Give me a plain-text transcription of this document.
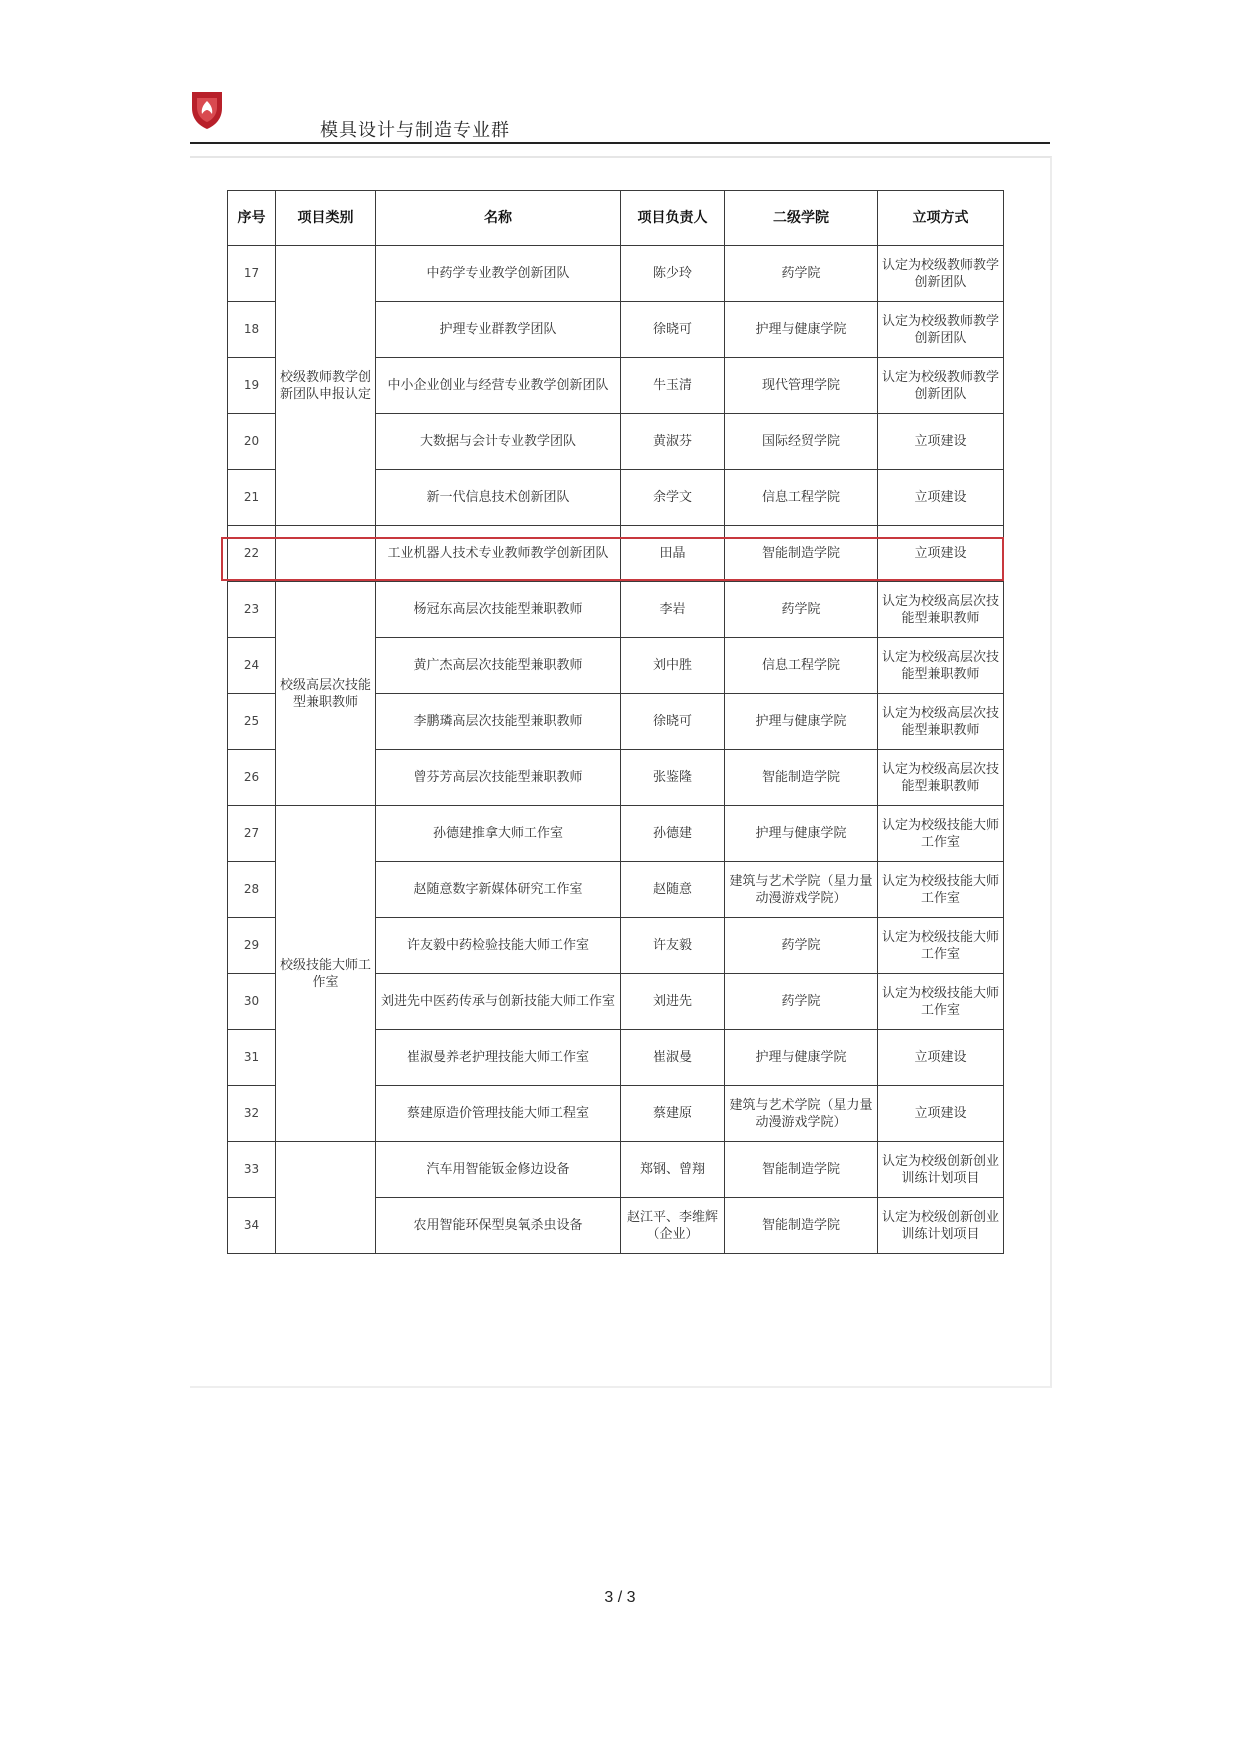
模具设计与制造专业群
序号	项目类别	名称	项目负责人	二级学院	立项方式
17	校级教师教学创新团队申报认定	中药学专业教学创新团队	陈少玲	药学院	认定为校级教师教学创新团队
18		护理专业群教学团队	徐晓可	护理与健康学院	认定为校级教师教学创新团队
19		中小企业创业与经营专业教学创新团队	牛玉清	现代管理学院	认定为校级教师教学创新团队
20		大数据与会计专业教学团队	黄淑芬	国际经贸学院	立项建设
21		新一代信息技术创新团队	余学文	信息工程学院	立项建设
22		工业机器人技术专业教师教学创新团队	田晶	智能制造学院	立项建设
23	校级高层次技能型兼职教师	杨冠东高层次技能型兼职教师	李岩	药学院	认定为校级高层次技能型兼职教师
24		黄广杰高层次技能型兼职教师	刘中胜	信息工程学院	认定为校级高层次技能型兼职教师
25		李鹏璘高层次技能型兼职教师	徐晓可	护理与健康学院	认定为校级高层次技能型兼职教师
26		曾芬芳高层次技能型兼职教师	张鉴隆	智能制造学院	认定为校级高层次技能型兼职教师
27	校级技能大师工作室	孙德建推拿大师工作室	孙德建	护理与健康学院	认定为校级技能大师工作室
28		赵随意数字新媒体研究工作室	赵随意	建筑与艺术学院（星力量动漫游戏学院）	认定为校级技能大师工作室
29		许友毅中药检验技能大师工作室	许友毅	药学院	认定为校级技能大师工作室
30		刘进先中医药传承与创新技能大师工作室	刘进先	药学院	认定为校级技能大师工作室
31		崔淑曼养老护理技能大师工作室	崔淑曼	护理与健康学院	立项建设
32		蔡建原造价管理技能大师工程室	蔡建原	建筑与艺术学院（星力量动漫游戏学院）	立项建设
33		汽车用智能钣金修边设备	郑钢、曾翔	智能制造学院	认定为校级创新创业训练计划项目
34		农用智能环保型臭氧杀虫设备	赵江平、李维辉（企业）	智能制造学院	认定为校级创新创业训练计划项目
3 / 3
